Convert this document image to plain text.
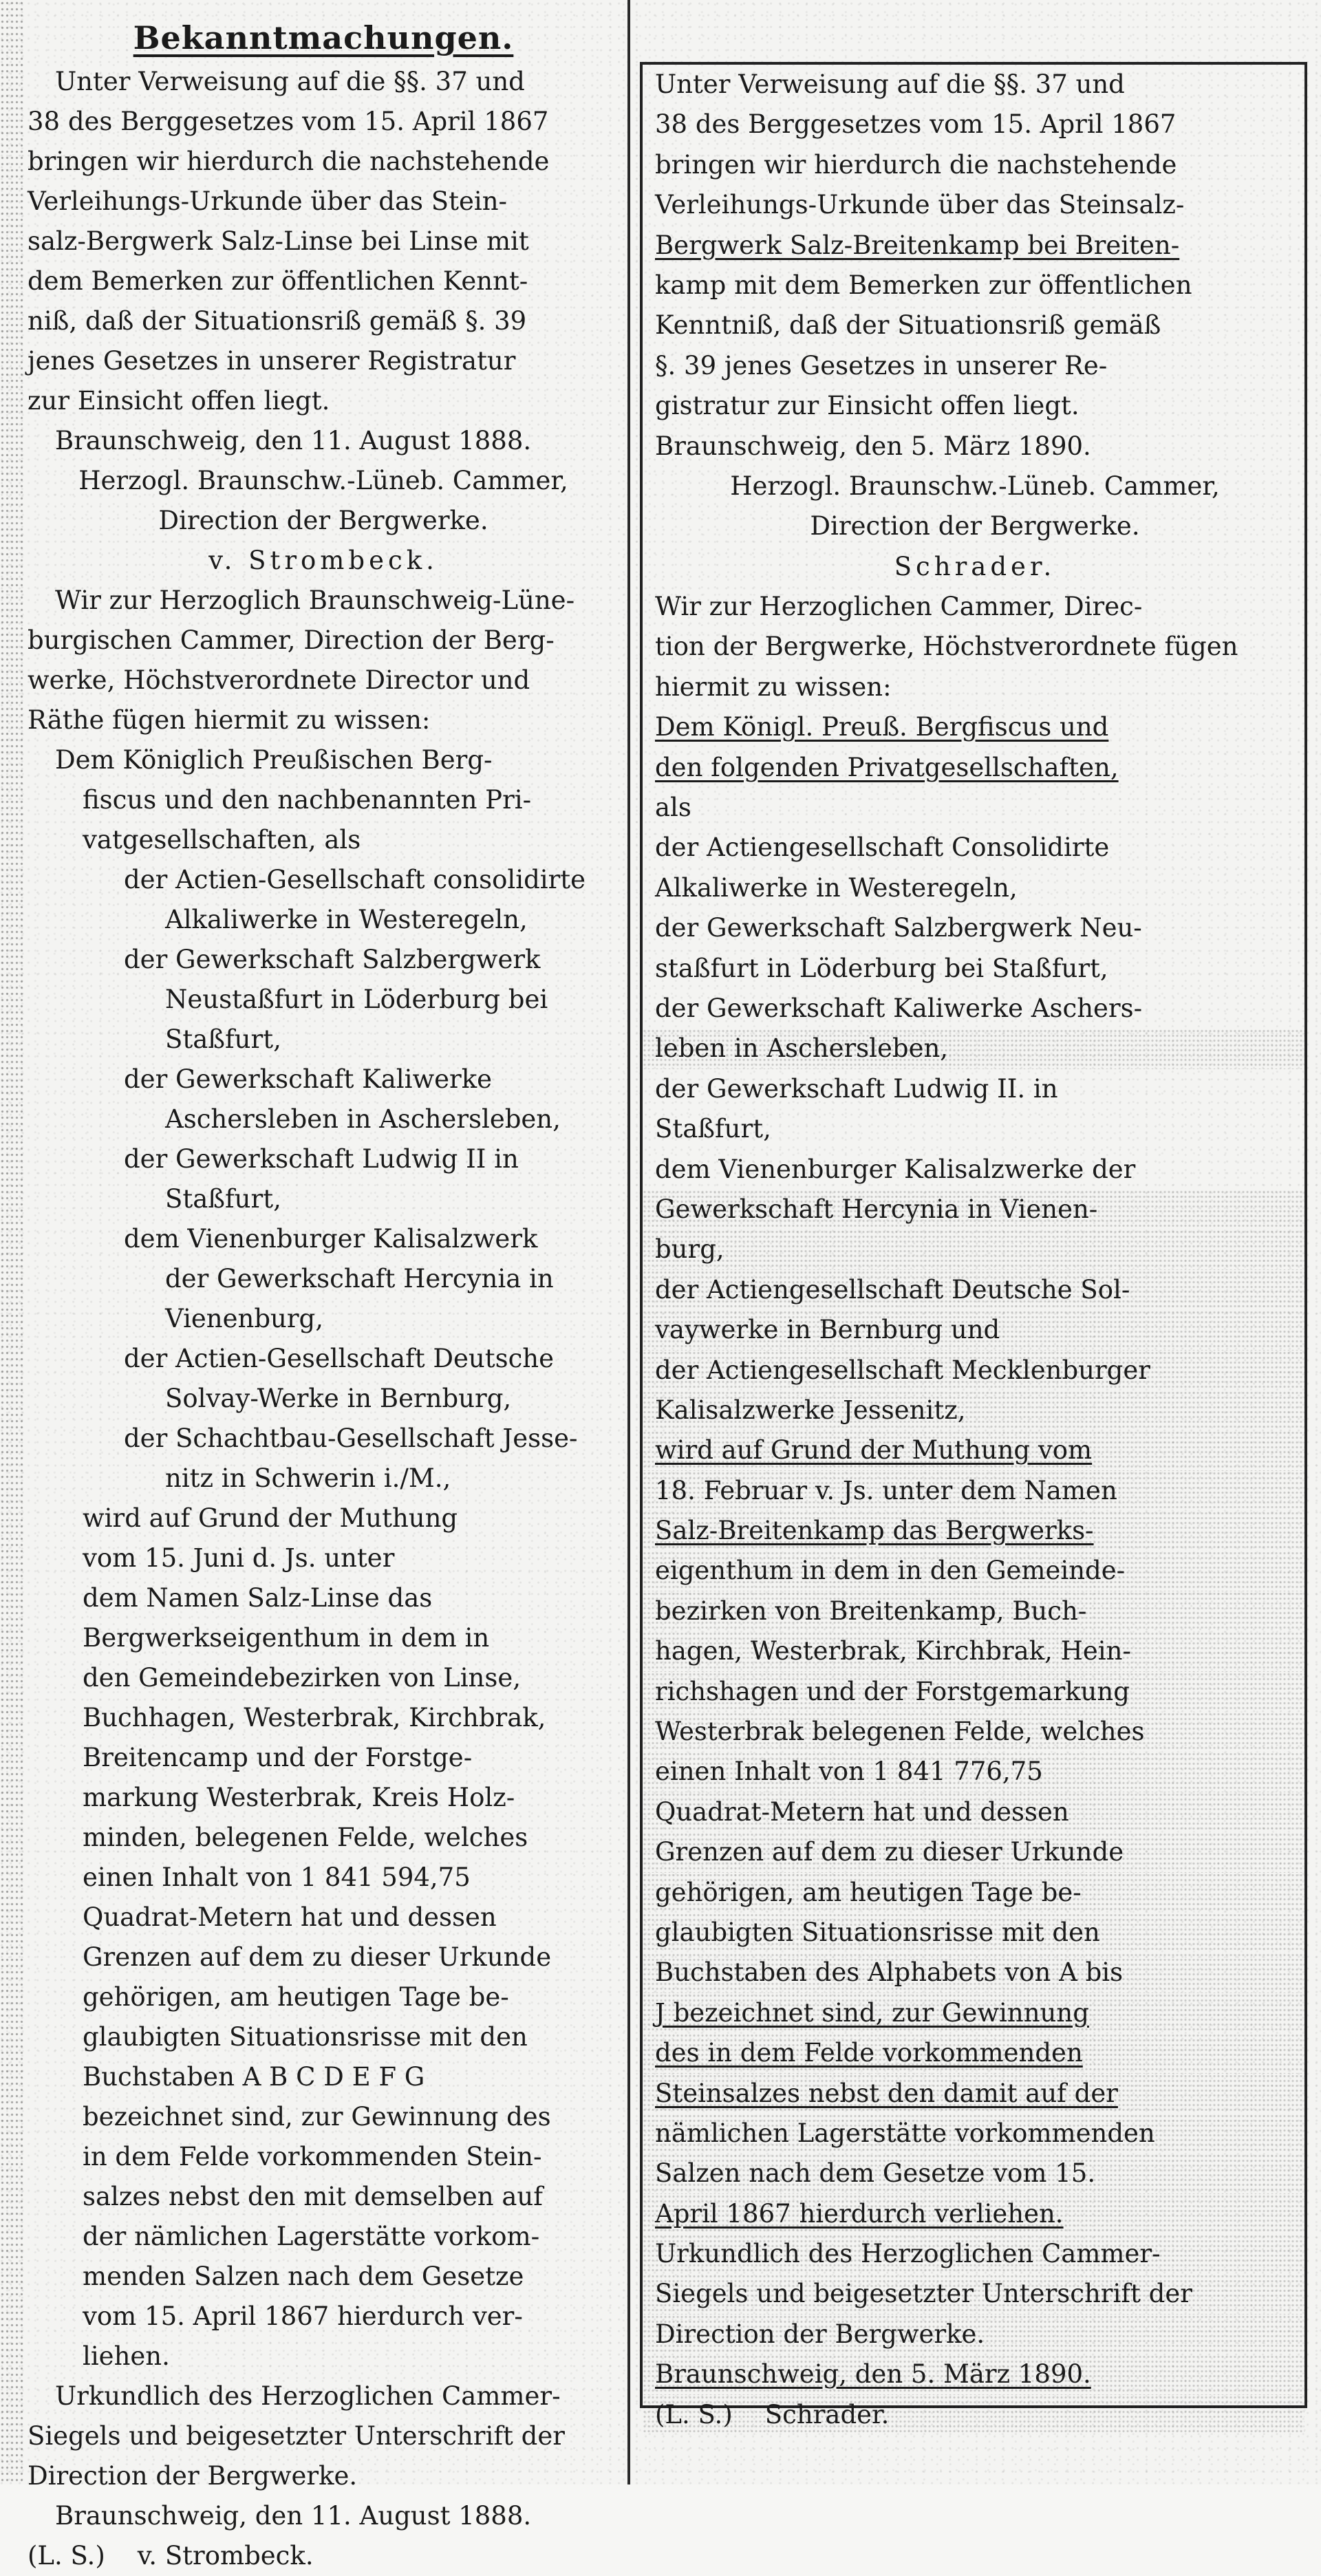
Bekanntmachungen.
Unter Verweisung auf die §§. 37 und
38 des Berggesetzes vom 15. April 1867
bringen wir hierdurch die nachstehende
Verleihungs-Urkunde über das Stein-
salz-Bergwerk Salz-Linse bei Linse mit
dem Bemerken zur öffentlichen Kennt-
niß, daß der Situationsriß gemäß §. 39
jenes Gesetzes in unserer Registratur
zur Einsicht offen liegt.
Braunschweig, den 11. August 1888.
Herzogl. Braunschw.-Lüneb. Cammer,
Direction der Bergwerke.
v. Strombeck.
Wir zur Herzoglich Braunschweig-Lüne-
burgischen Cammer, Direction der Berg-
werke, Höchstverordnete Director und
Räthe fügen hiermit zu wissen:
Dem Königlich Preußischen Berg-
fiscus und den nachbenannten Pri-
vatgesellschaften, als
der Actien-Gesellschaft consolidirte
Alkaliwerke in Westeregeln,
der Gewerkschaft Salzbergwerk
Neustaßfurt in Löderburg bei
Staßfurt,
der Gewerkschaft Kaliwerke
Aschersleben in Aschersleben,
der Gewerkschaft Ludwig II in
Staßfurt,
dem Vienenburger Kalisalzwerk
der Gewerkschaft Hercynia in
Vienenburg,
der Actien-Gesellschaft Deutsche
Solvay-Werke in Bernburg,
der Schachtbau-Gesellschaft Jesse-
nitz in Schwerin i./M.,
wird auf Grund der Muthung
vom 15. Juni d. Js. unter
dem Namen Salz-Linse das
Bergwerkseigenthum in dem in
den Gemeindebezirken von Linse,
Buchhagen, Westerbrak, Kirchbrak,
Breitencamp und der Forstge-
markung Westerbrak, Kreis Holz-
minden, belegenen Felde, welches
einen Inhalt von 1 841 594,75
Quadrat-Metern hat und dessen
Grenzen auf dem zu dieser Urkunde
gehörigen, am heutigen Tage be-
glaubigten Situationsrisse mit den
Buchstaben A B C D E F G
bezeichnet sind, zur Gewinnung des
in dem Felde vorkommenden Stein-
salzes nebst den mit demselben auf
der nämlichen Lagerstätte vorkom-
menden Salzen nach dem Gesetze
vom 15. April 1867 hierdurch ver-
liehen.
Urkundlich des Herzoglichen Cammer-
Siegels und beigesetzter Unterschrift der
Direction der Bergwerke.
Braunschweig, den 11. August 1888.
(L. S.)    v. Strombeck.
Unter Verweisung auf die §§. 37 und
38 des Berggesetzes vom 15. April 1867
bringen wir hierdurch die nachstehende
Verleihungs-Urkunde über das Steinsalz-
Bergwerk Salz-Breitenkamp bei Breiten-
kamp mit dem Bemerken zur öffentlichen
Kenntniß, daß der Situationsriß gemäß
§. 39 jenes Gesetzes in unserer Re-
gistratur zur Einsicht offen liegt.
Braunschweig, den 5. März 1890.
Herzogl. Braunschw.-Lüneb. Cammer,
Direction der Bergwerke.
Schrader.
Wir zur Herzoglichen Cammer, Direc-
tion der Bergwerke, Höchstverordnete fügen
hiermit zu wissen:
Dem Königl. Preuß. Bergfiscus und
den folgenden Privatgesellschaften,
als
der Actiengesellschaft Consolidirte
Alkaliwerke in Westeregeln,
der Gewerkschaft Salzbergwerk Neu-
staßfurt in Löderburg bei Staßfurt,
der Gewerkschaft Kaliwerke Aschers-
leben in Aschersleben,
der Gewerkschaft Ludwig II. in
Staßfurt,
dem Vienenburger Kalisalzwerke der
Gewerkschaft Hercynia in Vienen-
burg,
der Actiengesellschaft Deutsche Sol-
vaywerke in Bernburg und
der Actiengesellschaft Mecklenburger
Kalisalzwerke Jessenitz,
wird auf Grund der Muthung vom
18. Februar v. Js. unter dem Namen
Salz-Breitenkamp das Bergwerks-
eigenthum in dem in den Gemeinde-
bezirken von Breitenkamp, Buch-
hagen, Westerbrak, Kirchbrak, Hein-
richshagen und der Forstgemarkung
Westerbrak belegenen Felde, welches
einen Inhalt von 1 841 776,75
Quadrat-Metern hat und dessen
Grenzen auf dem zu dieser Urkunde
gehörigen, am heutigen Tage be-
glaubigten Situationsrisse mit den
Buchstaben des Alphabets von A bis
J bezeichnet sind, zur Gewinnung
des in dem Felde vorkommenden
Steinsalzes nebst den damit auf der
nämlichen Lagerstätte vorkommenden
Salzen nach dem Gesetze vom 15.
April 1867 hierdurch verliehen.
Urkundlich des Herzoglichen Cammer-
Siegels und beigesetzter Unterschrift der
Direction der Bergwerke.
Braunschweig, den 5. März 1890.
(L. S.)    Schrader.
